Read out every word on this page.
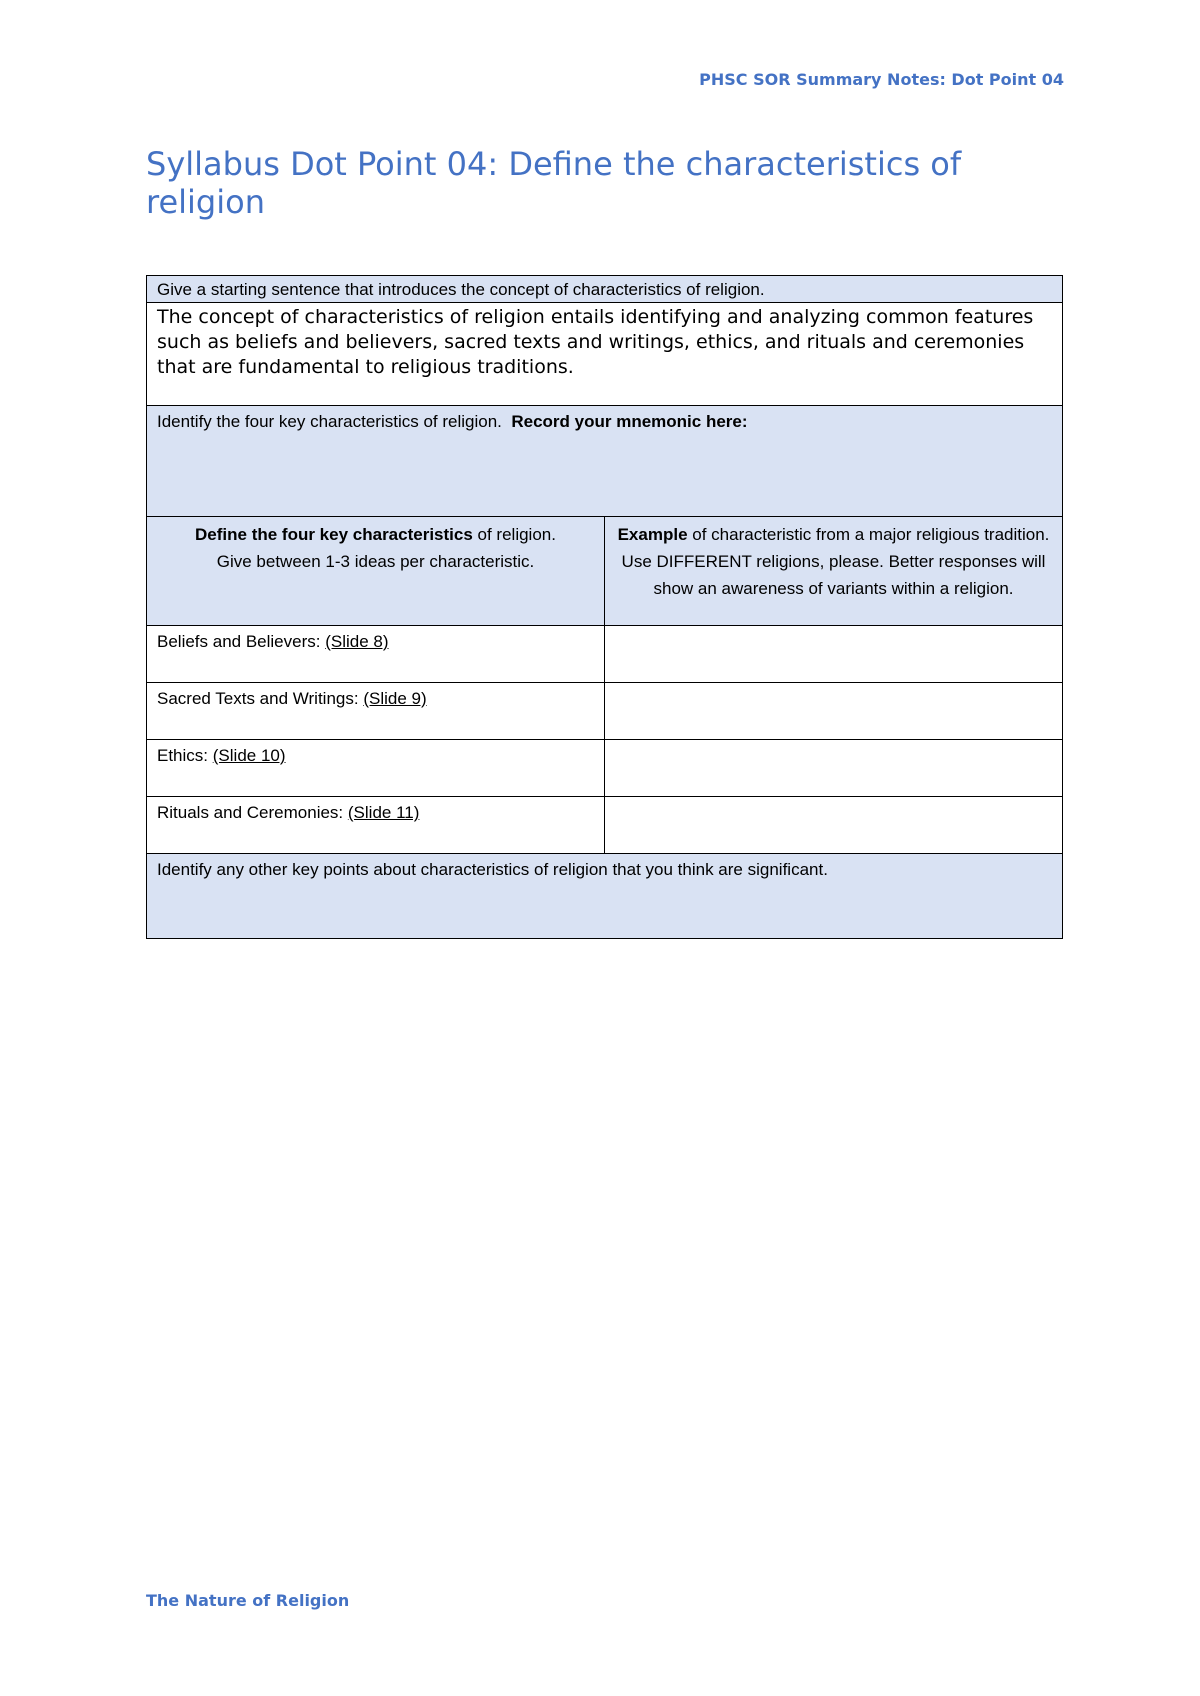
PHSC SOR Summary Notes: Dot Point 04
Syllabus Dot Point 04: Define the characteristics of religion
Give a starting sentence that introduces the concept of characteristics of religion.	
The concept of characteristics of religion entails identifying and analyzing common features such as beliefs and believers, sacred texts and writings, ethics, and rituals and ceremonies that are fundamental to religious traditions.	
Identify the four key characteristics of religion. Record your mnemonic here:	
Define the four key characteristics of religion.
Give between 1-3 ideas per characteristic.	Example of characteristic from a major religious tradition. Use DIFFERENT religions, please. Better responses will show an awareness of variants within a religion.
Beliefs and Believers: (Slide 8)	
Sacred Texts and Writings: (Slide 9)	
Ethics: (Slide 10)	
Rituals and Ceremonies: (Slide 11)	
Identify any other key points about characteristics of religion that you think are significant.	
The Nature of Religion
